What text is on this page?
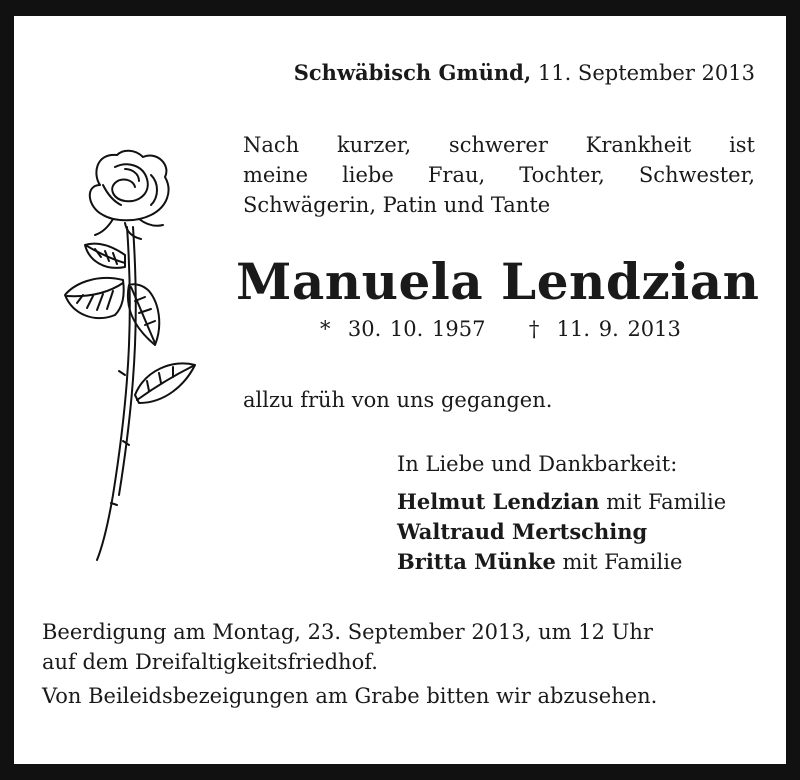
Schwäbisch Gmünd, 11. September 2013
Nach kurzer, schwerer Krankheit ist
meine liebe Frau, Tochter, Schwester,
Schwägerin, Patin und Tante
Manuela Lendzian
*  30. 10. 1957     †  11. 9. 2013
allzu früh von uns gegangen.
In Liebe und Dankbarkeit:
Helmut Lendzian mit Familie
Waltraud Mertsching
Britta Münke mit Familie
Beerdigung am Montag, 23. September 2013, um 12 Uhr
auf dem Dreifaltigkeitsfriedhof.
Von Beileidsbezeigungen am Grabe bitten wir abzusehen.
